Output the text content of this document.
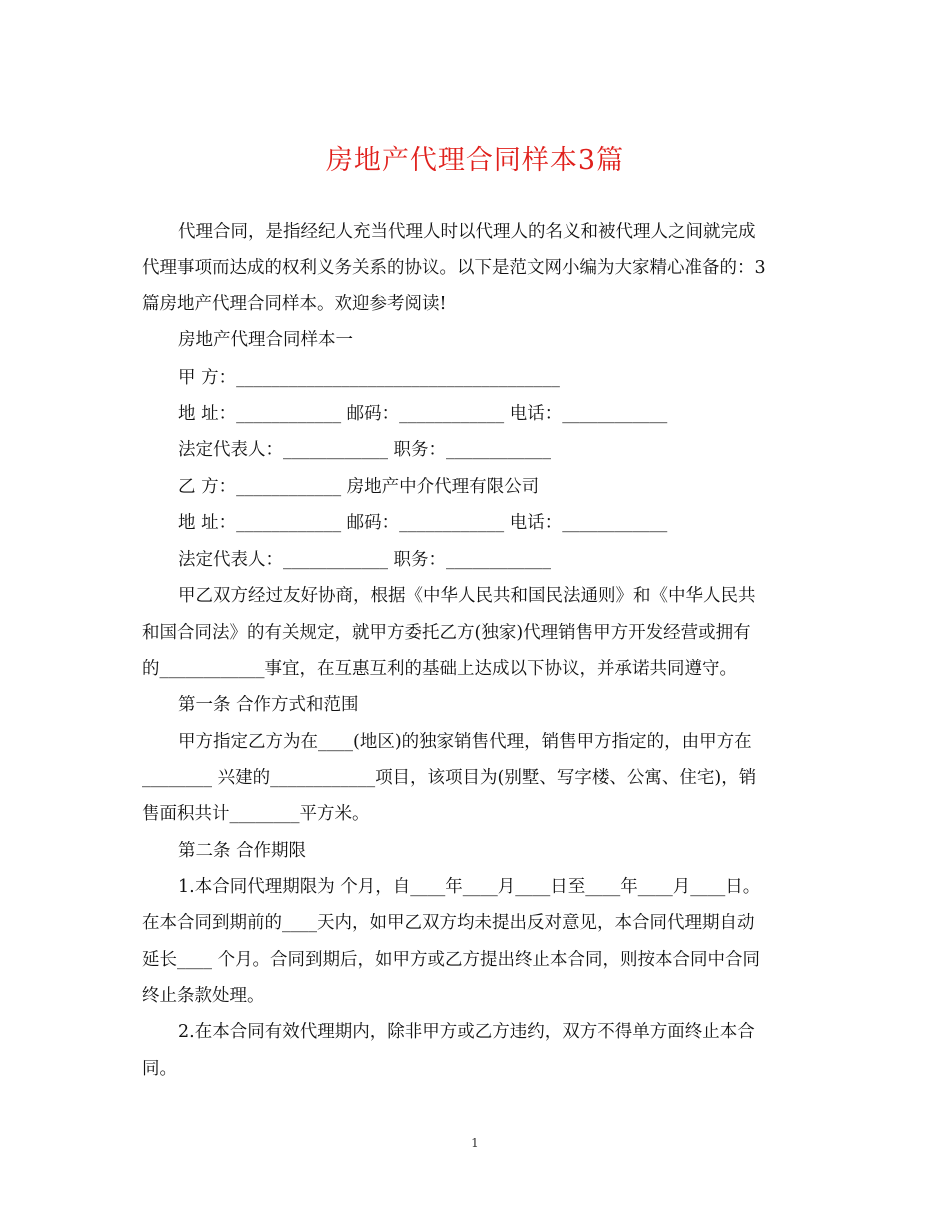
房地产代理合同样本3篇
代理合同，是指经纪人充当代理人时以代理人的名义和被代理人之间就完成
代理事项而达成的权利义务关系的协议。以下是范文网小编为大家精心准备的：3
篇房地产代理合同样本。欢迎参考阅读!
房地产代理合同样本一
甲 方：_____________________________________
地 址：____________ 邮码：____________ 电话：____________
法定代表人：____________ 职务：____________
乙 方：____________ 房地产中介代理有限公司
地 址：____________ 邮码：____________ 电话：____________
法定代表人：____________ 职务：____________
甲乙双方经过友好协商，根据《中华人民共和国民法通则》和《中华人民共
和国合同法》的有关规定，就甲方委托乙方(独家)代理销售甲方开发经营或拥有
的____________事宜，在互惠互利的基础上达成以下协议，并承诺共同遵守。
第一条 合作方式和范围
甲方指定乙方为在____(地区)的独家销售代理，销售甲方指定的，由甲方在
________ 兴建的____________项目，该项目为(别墅、写字楼、公寓、住宅)，销
售面积共计________平方米。
第二条 合作期限
1.本合同代理期限为 个月，自____年____月____日至____年____月____日。
在本合同到期前的____天内，如甲乙双方均未提出反对意见，本合同代理期自动
延长____ 个月。合同到期后，如甲方或乙方提出终止本合同，则按本合同中合同
终止条款处理。
2.在本合同有效代理期内，除非甲方或乙方违约，双方不得单方面终止本合
同。
1
